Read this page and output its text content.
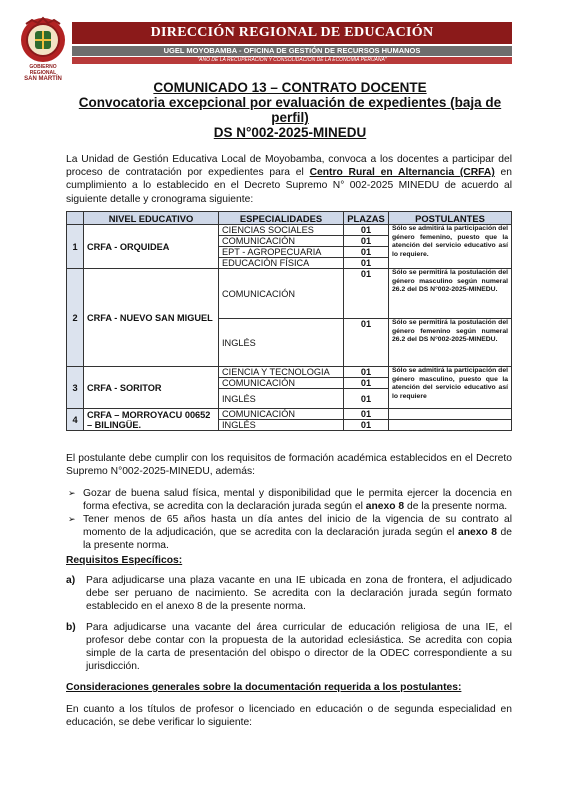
GOBIERNO REGIONAL
SAN MARTÍN
DIRECCIÓN REGIONAL DE EDUCACIÓN
UGEL MOYOBAMBA - OFICINA DE GESTIÓN DE RECURSOS HUMANOS
"AÑO DE LA RECUPERACIÓN Y CONSOLIDACIÓN DE LA ECONOMÍA PERUANA"
COMUNICADO 13 – CONTRATO DOCENTE
Convocatoria excepcional por evaluación de expedientes (baja de perfil)
DS N°002-2025-MINEDU
La Unidad de Gestión Educativa Local de Moyobamba, convoca a los docentes a participar del proceso de contratación por expedientes para el Centro Rural en Alternancia (CRFA) en cumplimiento a lo establecido en el Decreto Supremo N° 002-2025 MINEDU de acuerdo al siguiente detalle y cronograma siguiente:
	NIVEL EDUCATIVO	ESPECIALIDADES	PLAZAS	POSTULANTES
1	CRFA - ORQUIDEA	CIENCIAS SOCIALES	01	Sólo se admitirá la participación del género femenino, puesto que la atención del servicio educativo así lo requiere.
		COMUNICACIÓN	01	
		EPT - AGROPECUARIA	01	
		EDUCACIÓN FÍSICA	01	
2	CRFA - NUEVO SAN MIGUEL	COMUNICACIÓN	01	Sólo se permitirá la postulación del género masculino según numeral 26.2 del DS N°002-2025-MINEDU.
		INGLÉS	01	Sólo se permitirá la postulación del género femenino según numeral 26.2 del DS N°002-2025-MINEDU.
3	CRFA - SORITOR	CIENCIA Y TECNOLOGIA	01	Sólo se admitirá la participación del género masculino, puesto que la atención del servicio educativo así lo requiere
		COMUNICACIÓN	01	
		INGLÉS	01	
4	CRFA – MORROYACU 00652 – BILINGÜE.	COMUNICACIÓN	01	
		INGLÉS	01	
El postulante debe cumplir con los requisitos de formación académica establecidos en el Decreto Supremo N°002-2025-MINEDU, además:
➢ Gozar de buena salud física, mental y disponibilidad que le permita ejercer la docencia en forma efectiva, se acredita con la declaración jurada según el anexo 8 de la presente norma.
➢ Tener menos de 65 años hasta un día antes del inicio de la vigencia de su contrato al momento de la adjudicación, que se acredita con la declaración jurada según el anexo 8 de la presente norma.
Requisitos Específicos:
a) Para adjudicarse una plaza vacante en una IE ubicada en zona de frontera, el adjudicado debe ser peruano de nacimiento. Se acredita con la declaración jurada según formato establecido en el anexo 8 de la presente norma.
b) Para adjudicarse una vacante del área curricular de educación religiosa de una IE, el profesor debe contar con la propuesta de la autoridad eclesiástica. Se acredita con copia simple de la carta de presentación del obispo o director de la ODEC correspondiente a su jurisdicción.
Consideraciones generales sobre la documentación requerida a los postulantes:
En cuanto a los títulos de profesor o licenciado en educación o de segunda especialidad en educación, se debe verificar lo siguiente:
